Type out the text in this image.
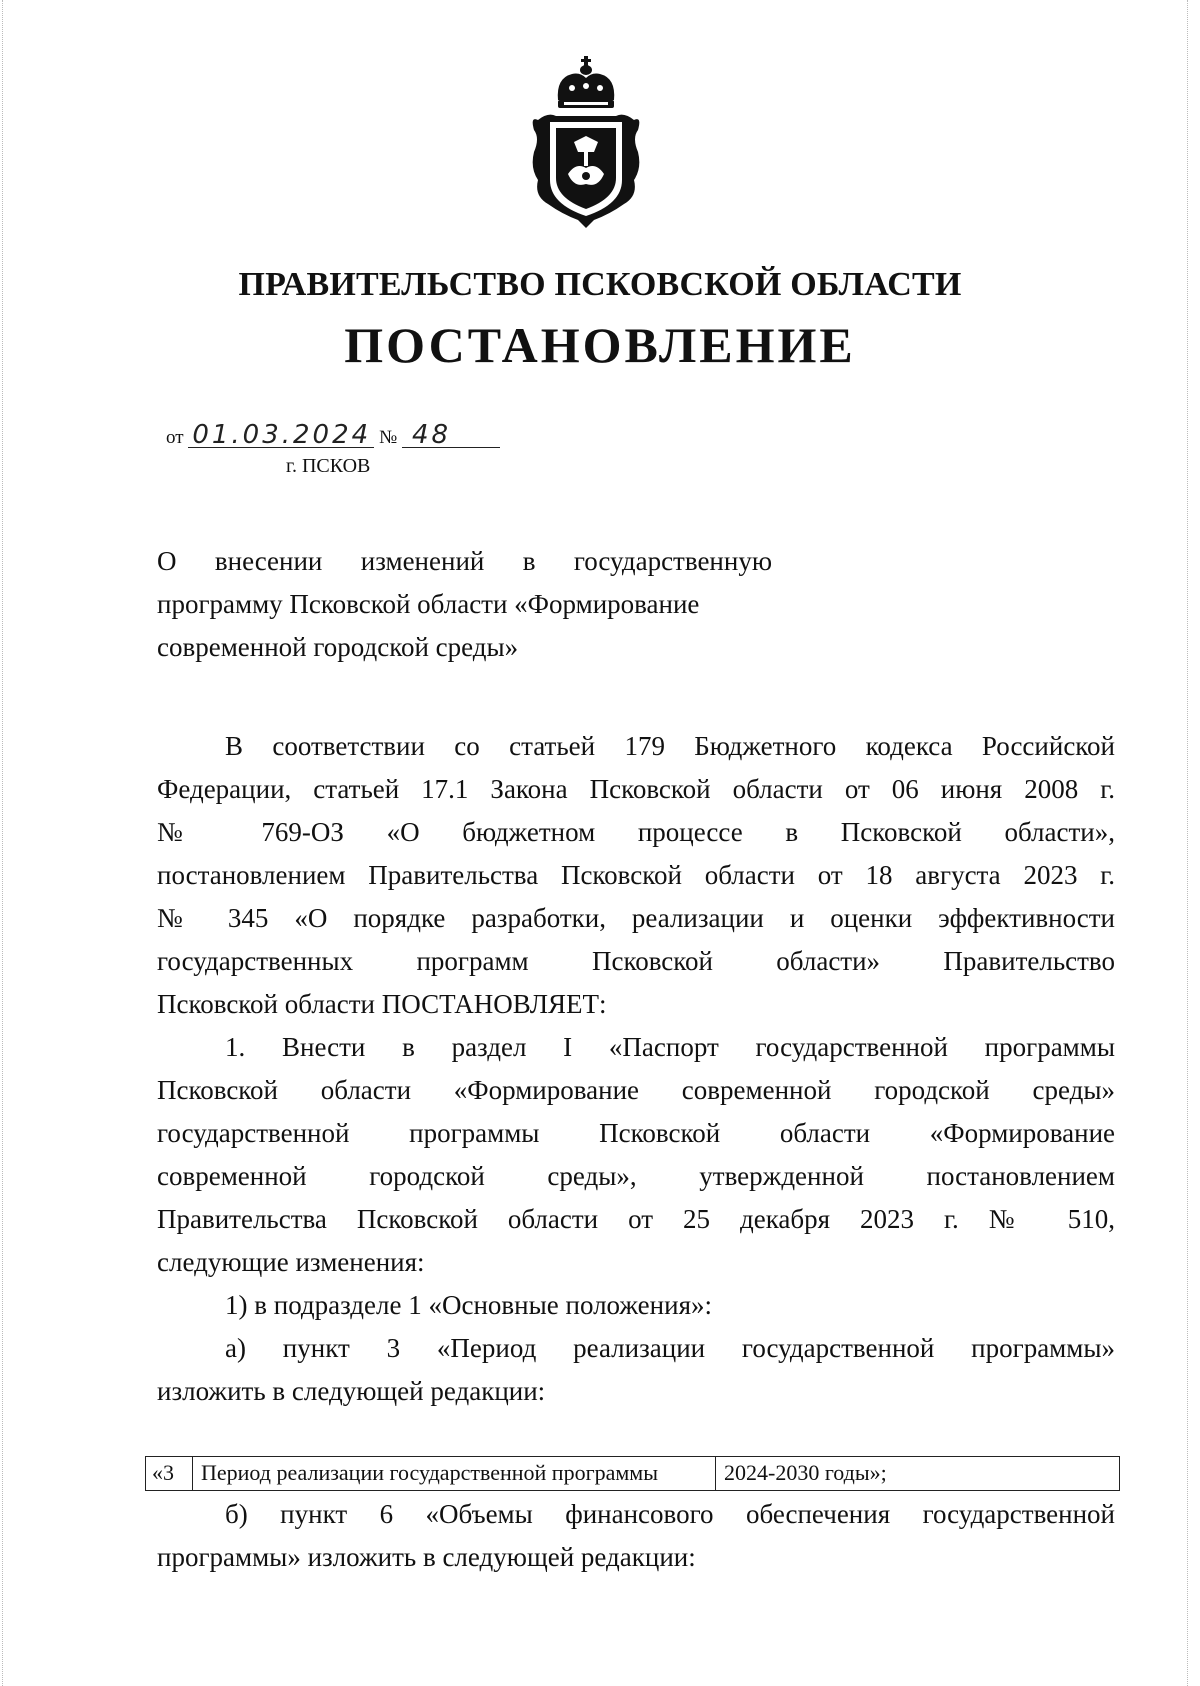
ПРАВИТЕЛЬСТВО ПСКОВСКОЙ ОБЛАСТИ
ПОСТАНОВЛЕНИЕ
от 01.03.2024 № 48
г. ПСКОВ
О внесении изменений в государственную
программу Псковской области «Формирование
современной городской среды»
В соответствии со статьей 179 Бюджетного кодекса Российской
Федерации, статьей 17.1 Закона Псковской области от 06 июня 2008 г.
№ 769-ОЗ «О бюджетном процессе в Псковской области»,
постановлением Правительства Псковской области от 18 августа 2023 г.
№ 345 «О порядке разработки, реализации и оценки эффективности
государственных программ Псковской области» Правительство
Псковской области ПОСТАНОВЛЯЕТ:
1. Внести в раздел I «Паспорт государственной программы
Псковской области «Формирование современной городской среды»
государственной программы Псковской области «Формирование
современной городской среды», утвержденной постановлением
Правительства Псковской области от 25 декабря 2023 г. № 510,
следующие изменения:
1) в подразделе 1 «Основные положения»:
а) пункт 3 «Период реализации государственной программы»
изложить в следующей редакции:
«3	Период реализации государственной программы	2024-2030 годы»;
б) пункт 6 «Объемы финансового обеспечения государственной
программы» изложить в следующей редакции:
